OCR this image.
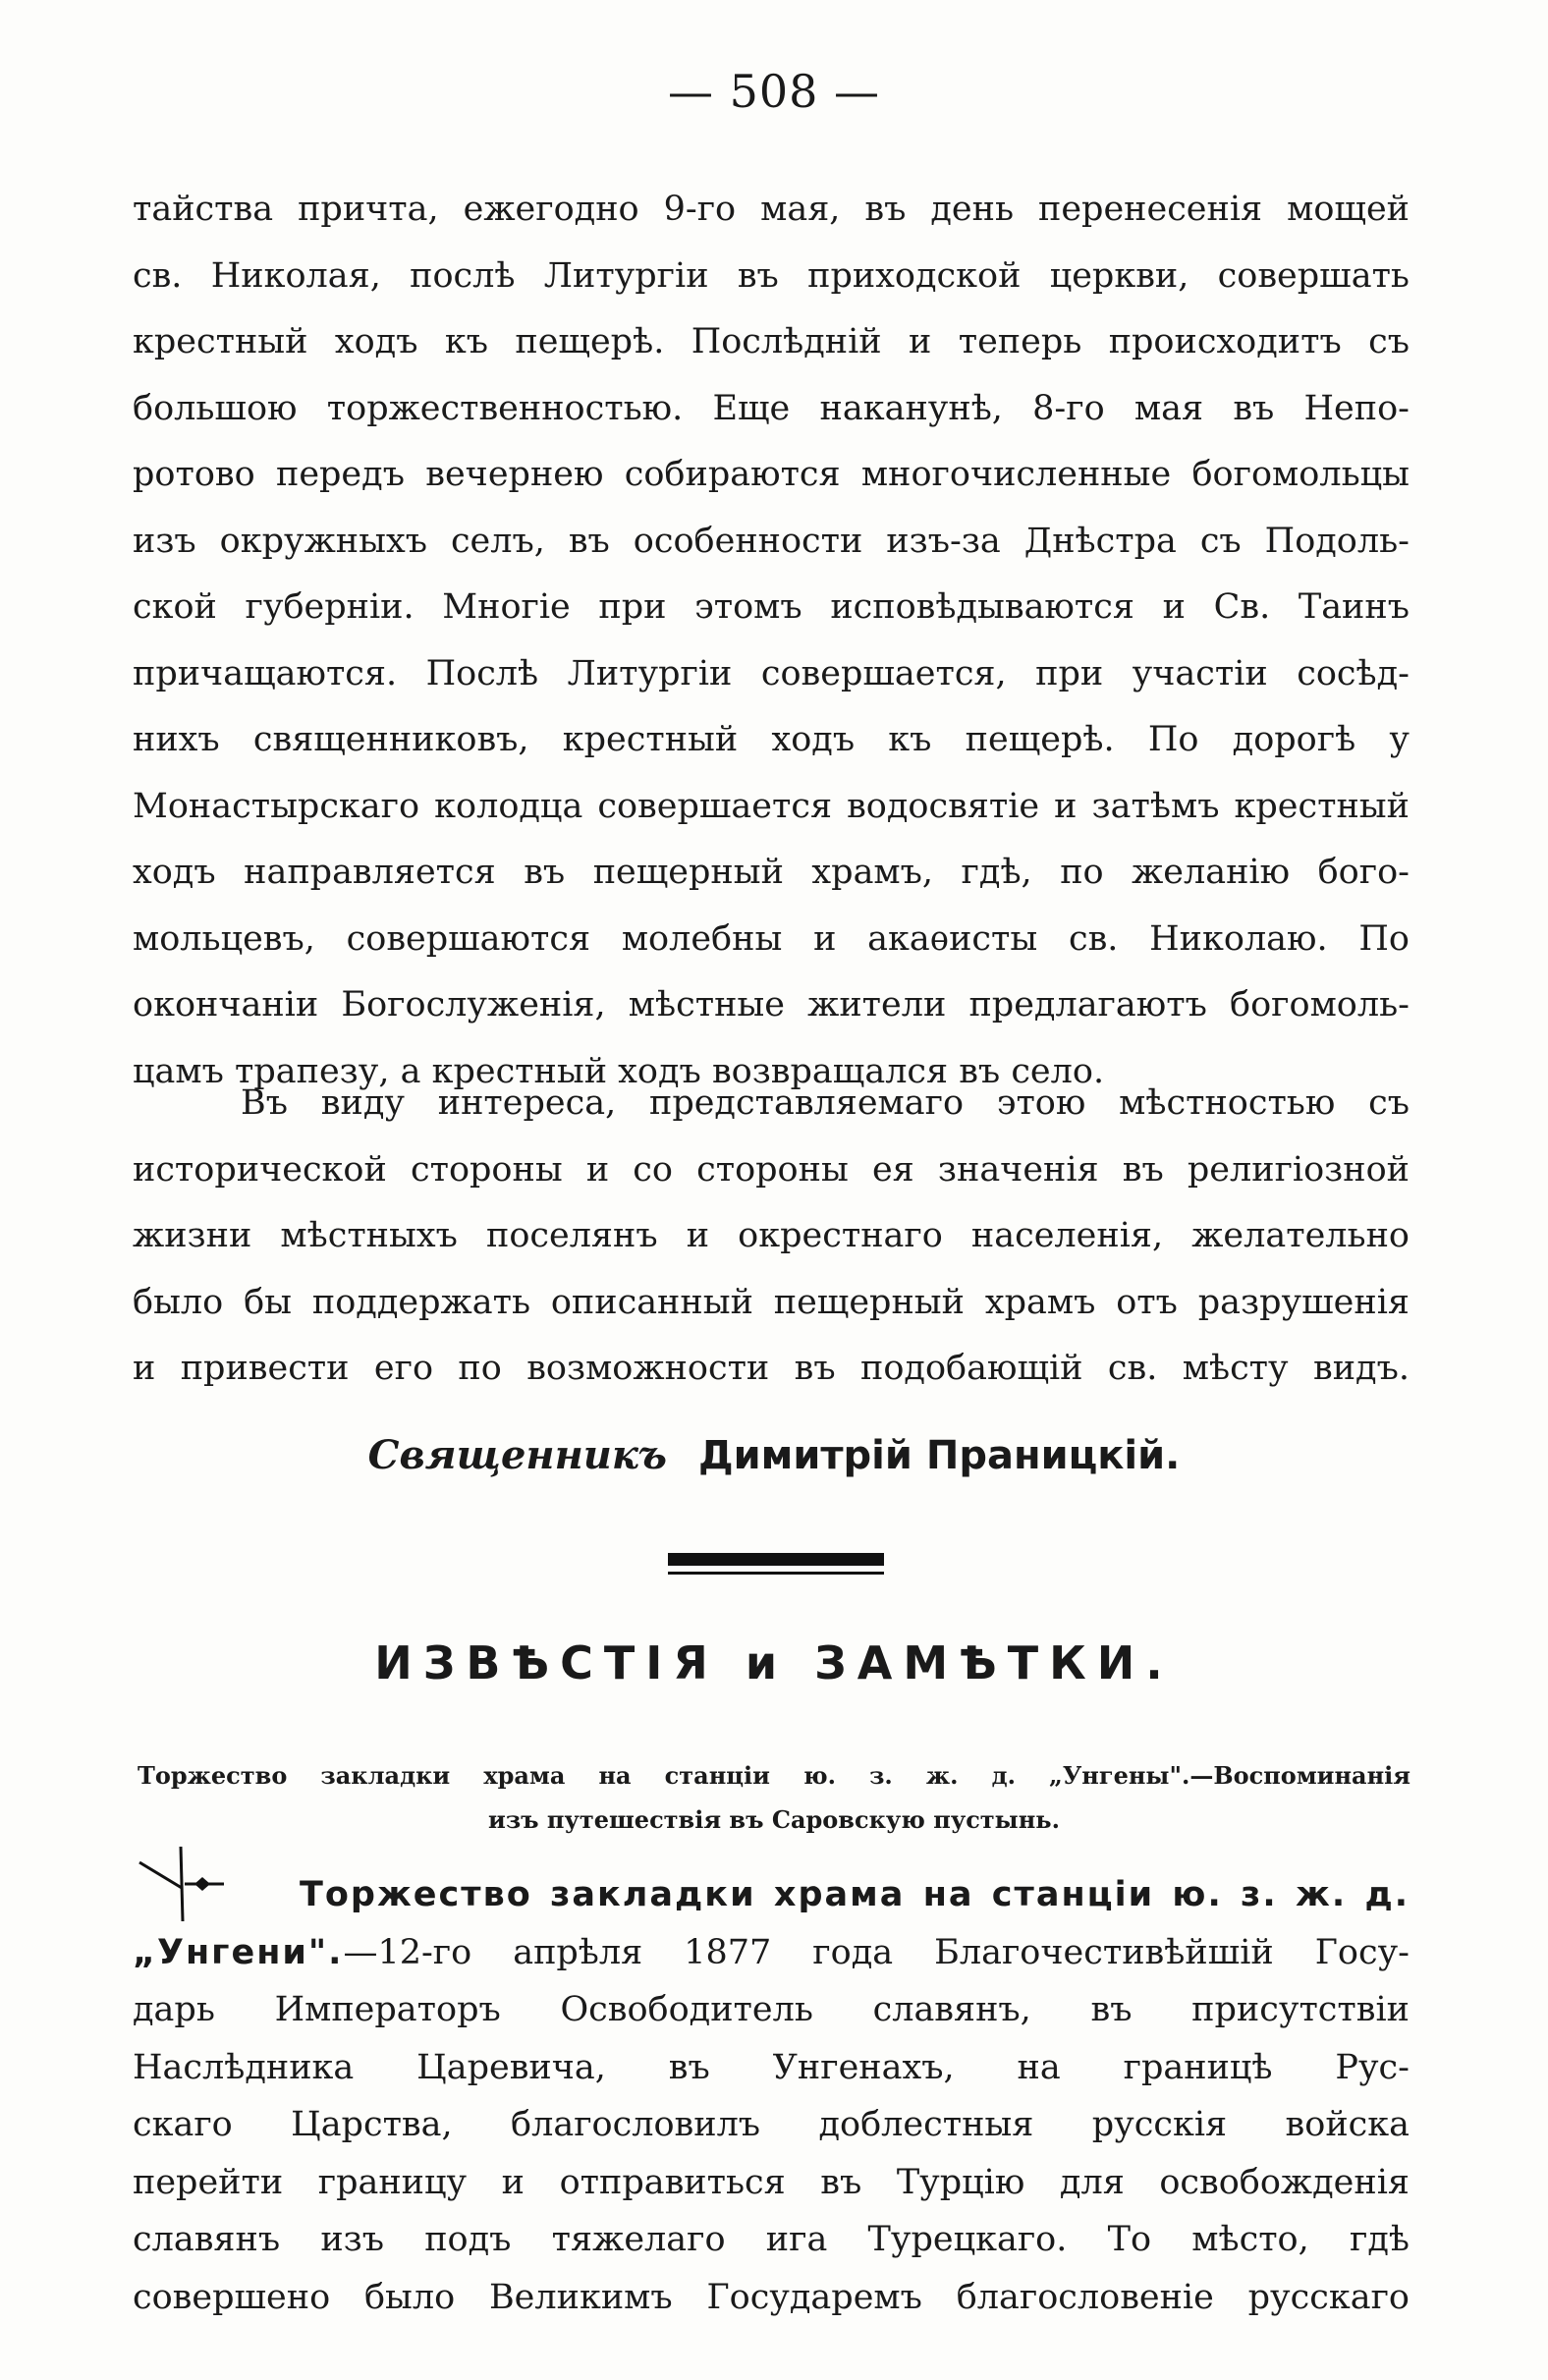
— 508 —
тайства причта, ежегодно 9-го мая, въ день перенесенія мощей
св. Николая, послѣ Литургіи въ приходской церкви, совершать
крестный ходъ къ пещерѣ. Послѣдній и теперь происходитъ съ
большою торжественностью. Еще наканунѣ, 8-го мая въ Непо-
ротово передъ вечернею собираются многочисленные богомольцы
изъ окружныхъ селъ, въ особенности изъ-за Днѣстра съ Подоль-
ской губерніи. Многіе при этомъ исповѣдываются и Св. Таинъ
причащаются. Послѣ Литургіи совершается, при участіи сосѣд-
нихъ священниковъ, крестный ходъ къ пещерѣ. По дорогѣ у
Монастырскаго колодца совершается водосвятіе и затѣмъ крестный
ходъ направляется въ пещерный храмъ, гдѣ, по желанію бого-
мольцевъ, совершаются молебны и акаѳисты св. Николаю. По
окончаніи Богослуженія, мѣстные жители предлагаютъ богомоль-
цамъ трапезу, а крестный ходъ возвращался въ село.
Въ виду интереса, представляемаго этою мѣстностью съ
исторической стороны и со стороны ея значенія въ религіозной
жизни мѣстныхъ поселянъ и окрестнаго населенія, желательно
было бы поддержать описанный пещерный храмъ отъ разрушенія
и привести его по возможности въ подобающій св. мѣсту видъ.
Священникъ Димитрій Праницкій.
ИЗВѢСТІЯ и ЗАМѢТКИ.
Торжество закладки храма на станціи ю. з. ж. д. „Унгены".—Воспоминанія
изъ путешествія въ Саровскую пустынь.
Торжество закладки храма на станціи ю. з. ж. д.
„Унгени".—12-го апрѣля 1877 года Благочестивѣйшій Госу-
дарь Императоръ Освободитель славянъ, въ присутствіи
Наслѣдника Царевича, въ Унгенахъ, на границѣ Рус-
скаго Царства, благословилъ доблестныя русскія войска
перейти границу и отправиться въ Турцію для освобожденія
славянъ изъ подъ тяжелаго ига Турецкаго. То мѣсто, гдѣ
совершено было Великимъ Государемъ благословеніе русскаго
